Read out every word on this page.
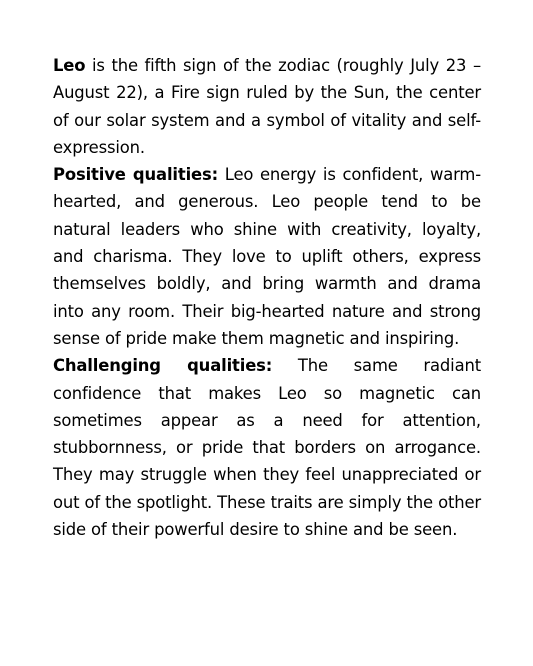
Leo is the fifth sign of the zodiac (roughly July 23 – August 22), a Fire sign ruled by the Sun, the center of our solar system and a symbol of vitality and self-expression.

Positive qualities: Leo energy is confident, warm-hearted, and generous. Leo people tend to be natural leaders who shine with creativity, loyalty, and charisma. They love to uplift others, express themselves boldly, and bring warmth and drama into any room. Their big-hearted nature and strong sense of pride make them magnetic and inspiring.

Challenging qualities: The same radiant confidence that makes Leo so magnetic can sometimes appear as a need for attention, stubbornness, or pride that borders on arrogance. They may struggle when they feel unappreciated or out of the spotlight. These traits are simply the other side of their powerful desire to shine and be seen.
